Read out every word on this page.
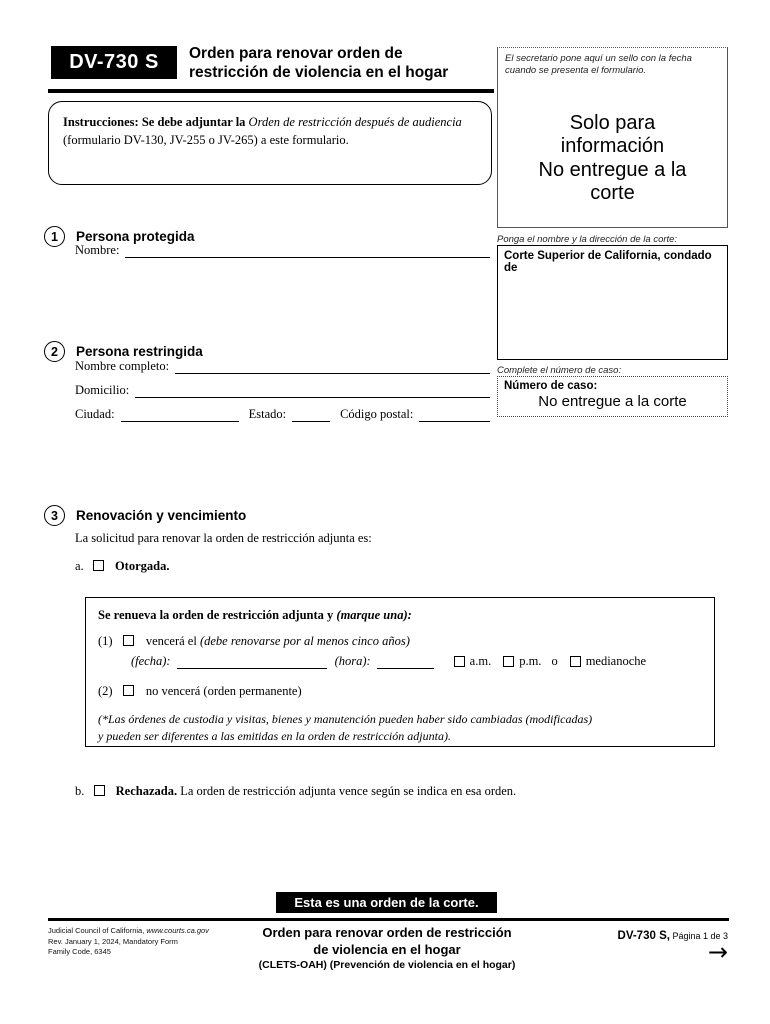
DV-730 S Orden para renovar orden de
restricción de violencia en el hogar
Instrucciones: Se debe adjuntar la Orden de restricción después de audiencia (formulario DV-130, JV-255 o JV-265) a este formulario.
El secretario pone aquí un sello con la fecha cuando se presenta el formulario.
Solo para información
No entregue a la corte
Ponga el nombre y la dirección de la corte:
Corte Superior de California, condado de
Complete el número de caso:
Número de caso:
No entregue a la corte
1	Persona protegida
Nombre:
2	Persona restringida
Nombre completo:
Domicilio:
Ciudad:	Estado:	Código postal:
3	Renovación y vencimiento
La solicitud para renovar la orden de restricción adjunta es:
a.	Otorgada.
Se renueva la orden de restricción adjunta y (marque una):
(1)	vencerá el (debe renovarse por al menos cinco años)
(fecha):	(hora):	a.m. p.m. o medianoche
(2)	no vencerá (orden permanente)
(*Las órdenes de custodia y visitas, bienes y manutención pueden haber sido cambiadas (modificadas)
y pueden ser diferentes a las emitidas en la orden de restricción adjunta).
b.	Rechazada. La orden de restricción adjunta vence según se indica en esa orden.
Esta es una orden de la corte.
Judicial Council of California, www.courts.ca.gov
Rev. January 1, 2024, Mandatory Form
Family Code, 6345
Orden para renovar orden de restricción
de violencia en el hogar
(CLETS-OAH) (Prevención de violencia en el hogar)
DV-730 S, Página 1 de 3
→
